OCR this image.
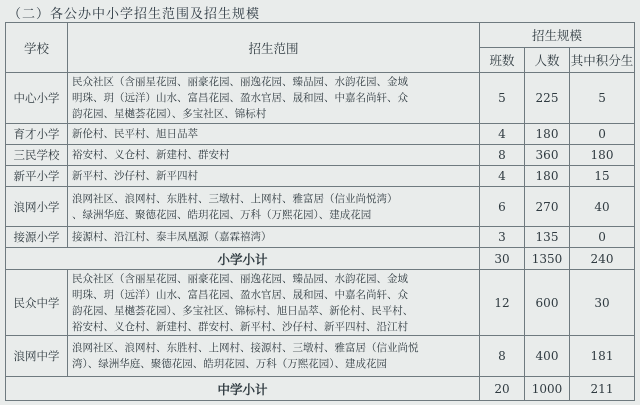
（二）各公办中小学招生范围及招生规模
学校	招生范围	招生规模		
		班数	人数	其中积分生
中心小学	民众社区（含丽星花园、丽豪花园、丽逸花园、臻品园、水韵花园、金域
明珠、玥（远洋）山水、富昌花园、盈水官居、晟和园、中嘉名尚轩、众
韵花园、星樾荟花园）、多宝社区、锦标村	5	225	5
育才小学	新伦村、民平村、旭日品萃	4	180	0
三民学校	裕安村、义仓村、新建村、群安村	8	360	180
新平小学	新平村、沙仔村、新平四村	4	180	15
浪网小学	浪网社区、浪网村、东胜村、三墩村、上网村、雅富居（信业尚悦湾）
、绿洲华庭、聚德花园、皓玥花园、万科（万熙花园）、建成花园	6	270	40
接源小学	接源村、沿江村、泰丰凤凰源（嘉霖禧湾）	3	135	0
小学小计		30	1350	240
民众中学	民众社区（含丽星花园、丽豪花园、丽逸花园、臻品园、水韵花园、金域
明珠、玥（远洋）山水、富昌花园、盈水官居、晟和园、中嘉名尚轩、众
韵花园、星樾荟花园）、多宝社区、锦标村、旭日品萃、新伦村、民平村、
裕安村、义仓村、新建村、群安村、新平村、沙仔村、新平四村、沿江村	12	600	30
浪网中学	浪网社区、浪网村、东胜村、上网村、接源村、三墩村、雅富居（信业尚悦
湾）、绿洲华庭、聚德花园、皓玥花园、万科（万熙花园）、建成花园	8	400	181
中学小计		20	1000	211
